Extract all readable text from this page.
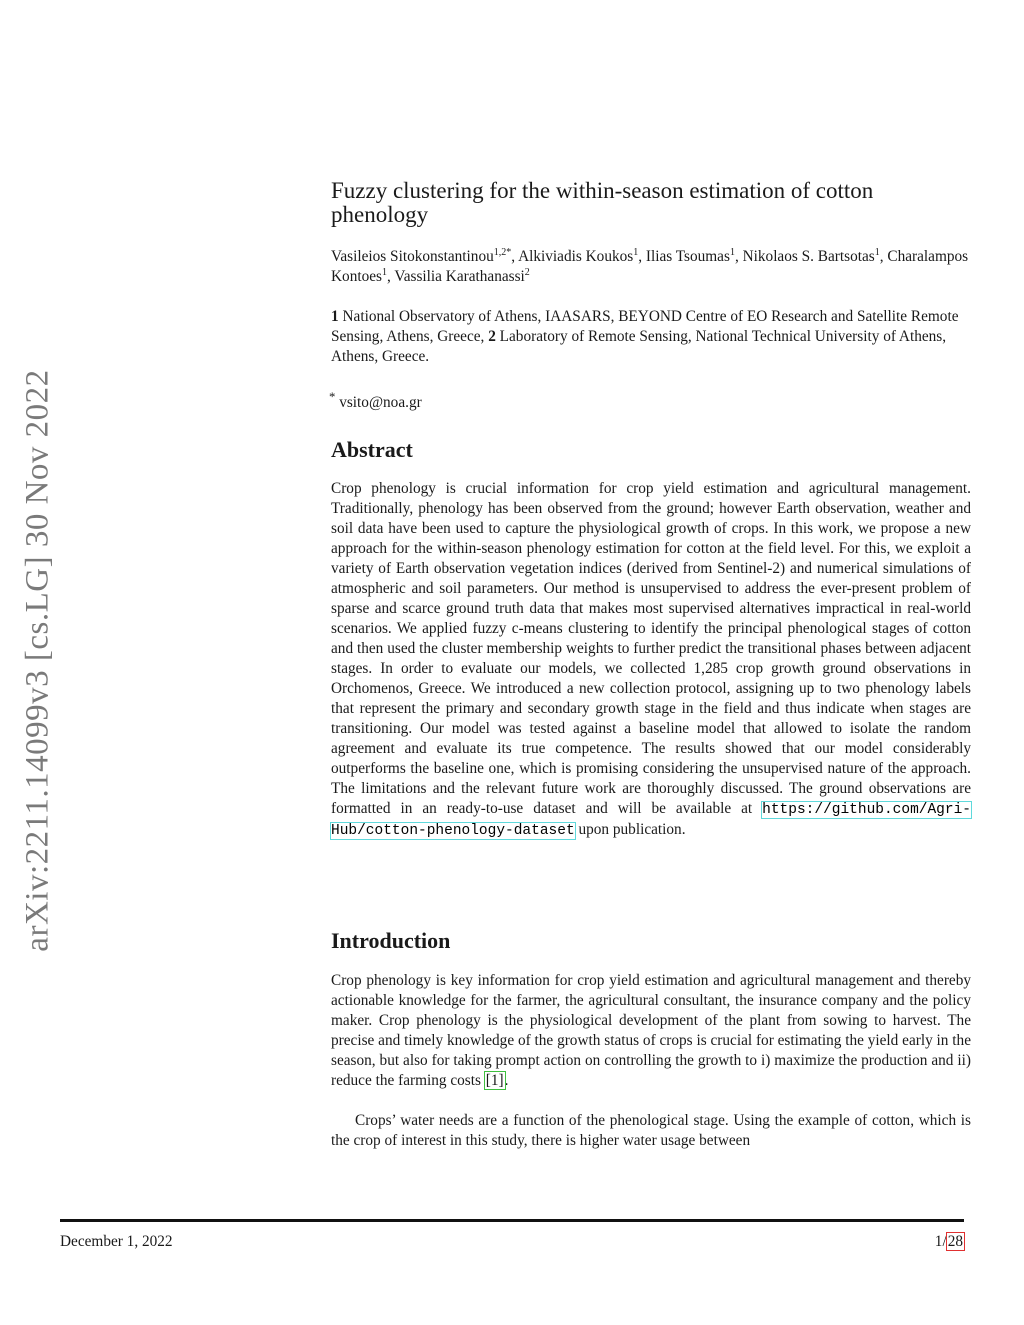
arXiv:2211.14099v3 [cs.LG] 30 Nov 2022
Fuzzy clustering for the within-season estimation of cotton phenology
Vasileios Sitokonstantinou$^{1,2*}$, Alkiviadis Koukos$^1$, Ilias Tsoumas$^1$, Nikolaos S. Bartsotas$^1$, Charalampos Kontoes$^1$, Vassilia Karathanassi$^2$
1 National Observatory of Athens, IAASARS, BEYOND Centre of EO Research and Satellite Remote Sensing, Athens, Greece, 2 Laboratory of Remote Sensing, National Technical University of Athens, Athens, Greece.
* vsito@noa.gr
Abstract

Crop phenology is crucial information for crop yield estimation and agricultural management. Traditionally, phenology has been observed from the ground; however Earth observation, weather and soil data have been used to capture the physiological growth of crops. In this work, we propose a new approach for the within-season phenology estimation for cotton at the field level. For this, we exploit a variety of Earth observation vegetation indices (derived from Sentinel-2) and numerical simulations of atmospheric and soil parameters. Our method is unsupervised to address the ever-present problem of sparse and scarce ground truth data that makes most supervised alternatives impractical in real-world scenarios. We applied fuzzy c-means clustering to identify the principal phenological stages of cotton and then used the cluster membership weights to further predict the transitional phases between adjacent stages. In order to evaluate our models, we collected 1,285 crop growth ground observations in Orchomenos, Greece. We introduced a new collection protocol, assigning up to two phenology labels that represent the primary and secondary growth stage in the field and thus indicate when stages are transitioning. Our model was tested against a baseline model that allowed to isolate the random agreement and evaluate its true competence. The results showed that our model considerably outperforms the baseline one, which is promising considering the unsupervised nature of the approach. The limitations and the relevant future work are thoroughly discussed. The ground observations are formatted in an ready-to-use dataset and will be available at https://github.com/Agri-Hub/cotton-phenology-dataset upon publication.

Introduction

Crop phenology is key information for crop yield estimation and agricultural management and thereby actionable knowledge for the farmer, the agricultural consultant, the insurance company and the policy maker. Crop phenology is the physiological development of the plant from sowing to harvest. The precise and timely knowledge of the growth status of crops is crucial for estimating the yield early in the season, but also for taking prompt action on controlling the growth to i) maximize the production and ii) reduce the farming costs [1].

Crops’ water needs are a function of the phenological stage. Using the example of cotton, which is the crop of interest in this study, there is higher water usage between

December 1, 2022	1/28
